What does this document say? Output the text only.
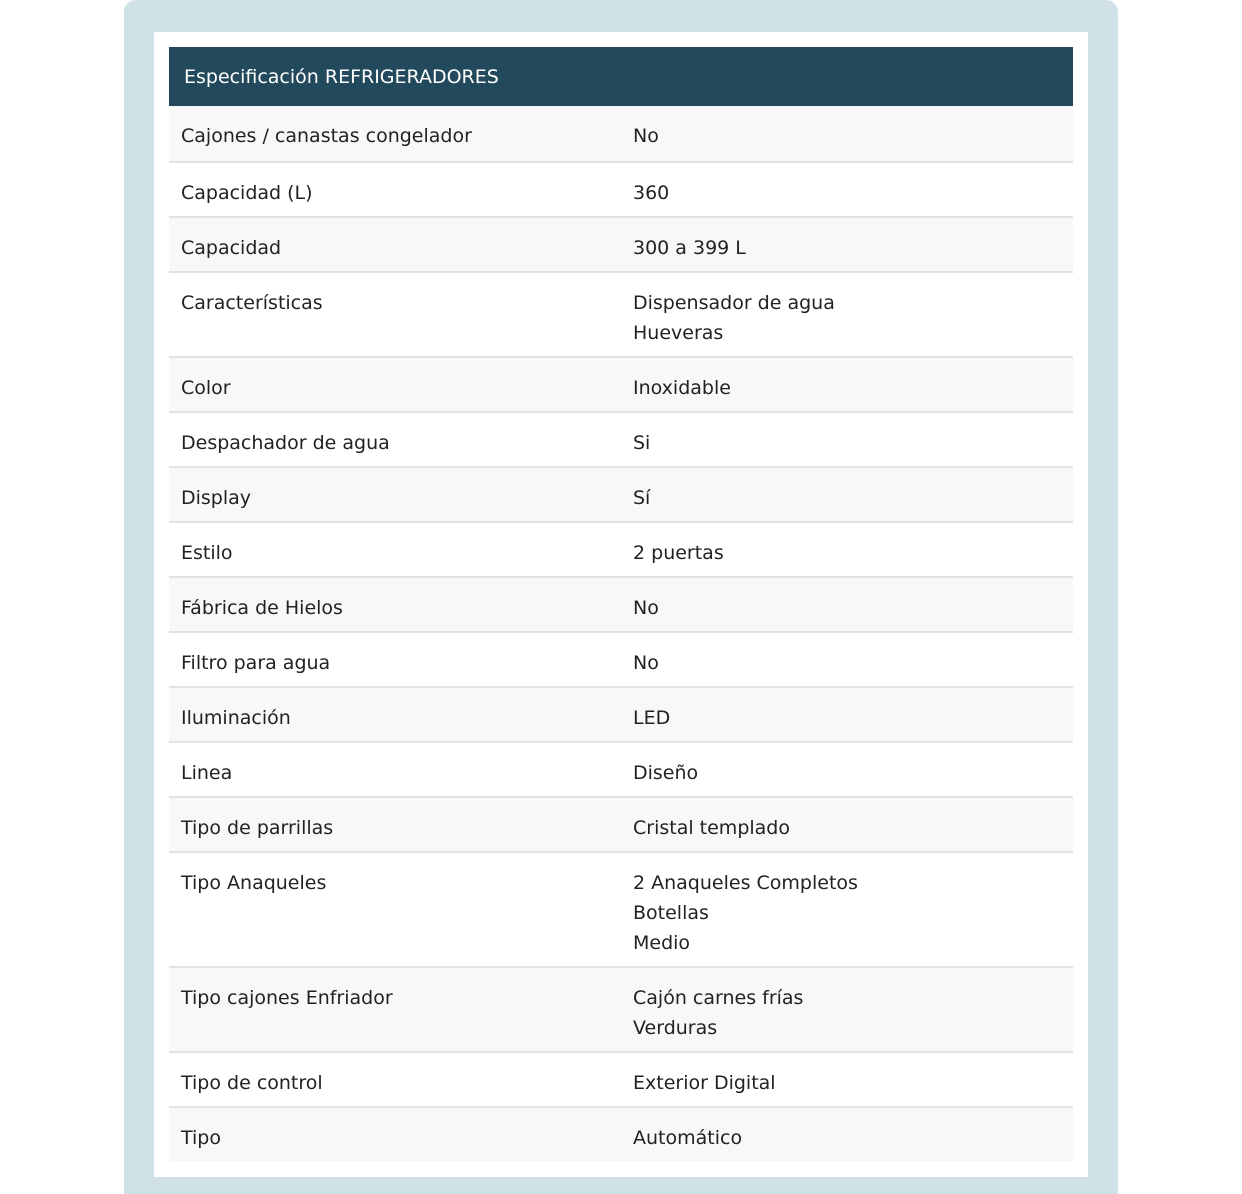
Especificación REFRIGERADORES	
Cajones / canastas congelador	No

Capacidad (L)	360

Capacidad	300 a 399 L

Características	Dispensador de agua
Hueveras

Color	Inoxidable

Despachador de agua	Si

Display	Sí

Estilo	2 puertas

Fábrica de Hielos	No

Filtro para agua	No

Iluminación	LED

Linea	Diseño

Tipo de parrillas	Cristal templado

Tipo Anaqueles	2 Anaqueles Completos
Botellas
Medio

Tipo cajones Enfriador	Cajón carnes frías
Verduras

Tipo de control	Exterior Digital

Tipo	Automático
